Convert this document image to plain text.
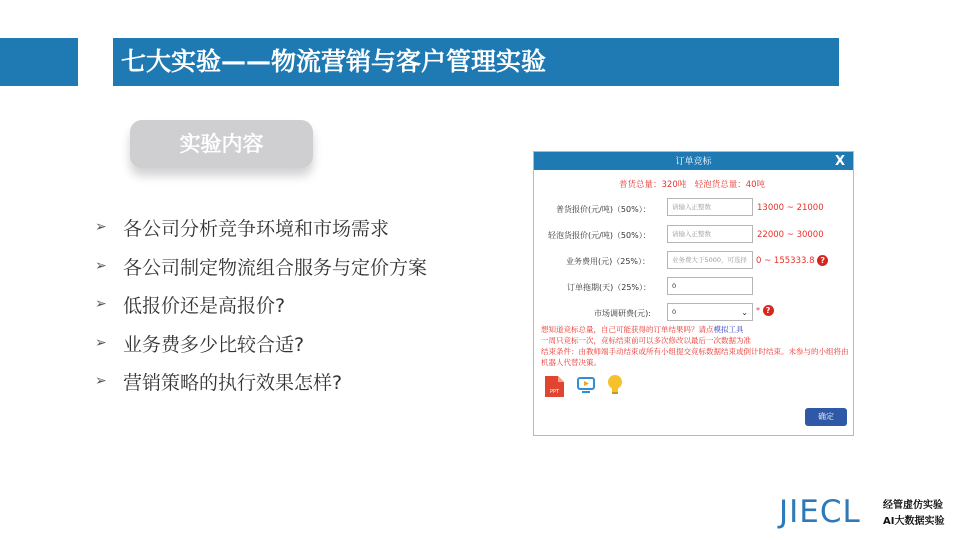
七大实验——物流营销与客户管理实验
实验内容
➢ 各公司分析竞争环境和市场需求
➢ 各公司制定物流组合服务与定价方案
➢ 低报价还是高报价?
➢ 业务费多少比较合适?
➢ 营销策略的执行效果怎样?
订单竞标	X
普货总量：320吨　轻泡货总量：40吨
普货报价(元/吨)（50%）：	请输入正整数	13000 ~ 21000
轻泡货报价(元/吨)（50%）：	请输入正整数	22000 ~ 30000
业务费用(元)（25%）：	业务费大于5000，可选择	0 ~ 155333.8 ?
订单拖期(天)（25%）：	0
市场调研费(元):	0	⌄ * ?
想知道竞标总量，自己可能获得的订单结果吗？请点模拟工具
一周只竞标一次，竞标结束前可以多次修改以最后一次数据为准
结束条件：由教师端手动结束或所有小组提交竞标数据结束或倒计时结束。未参与的小组将由机器人代替决策。
PPT
确定
JIECL 经管虚仿实验
AI大数据实验
